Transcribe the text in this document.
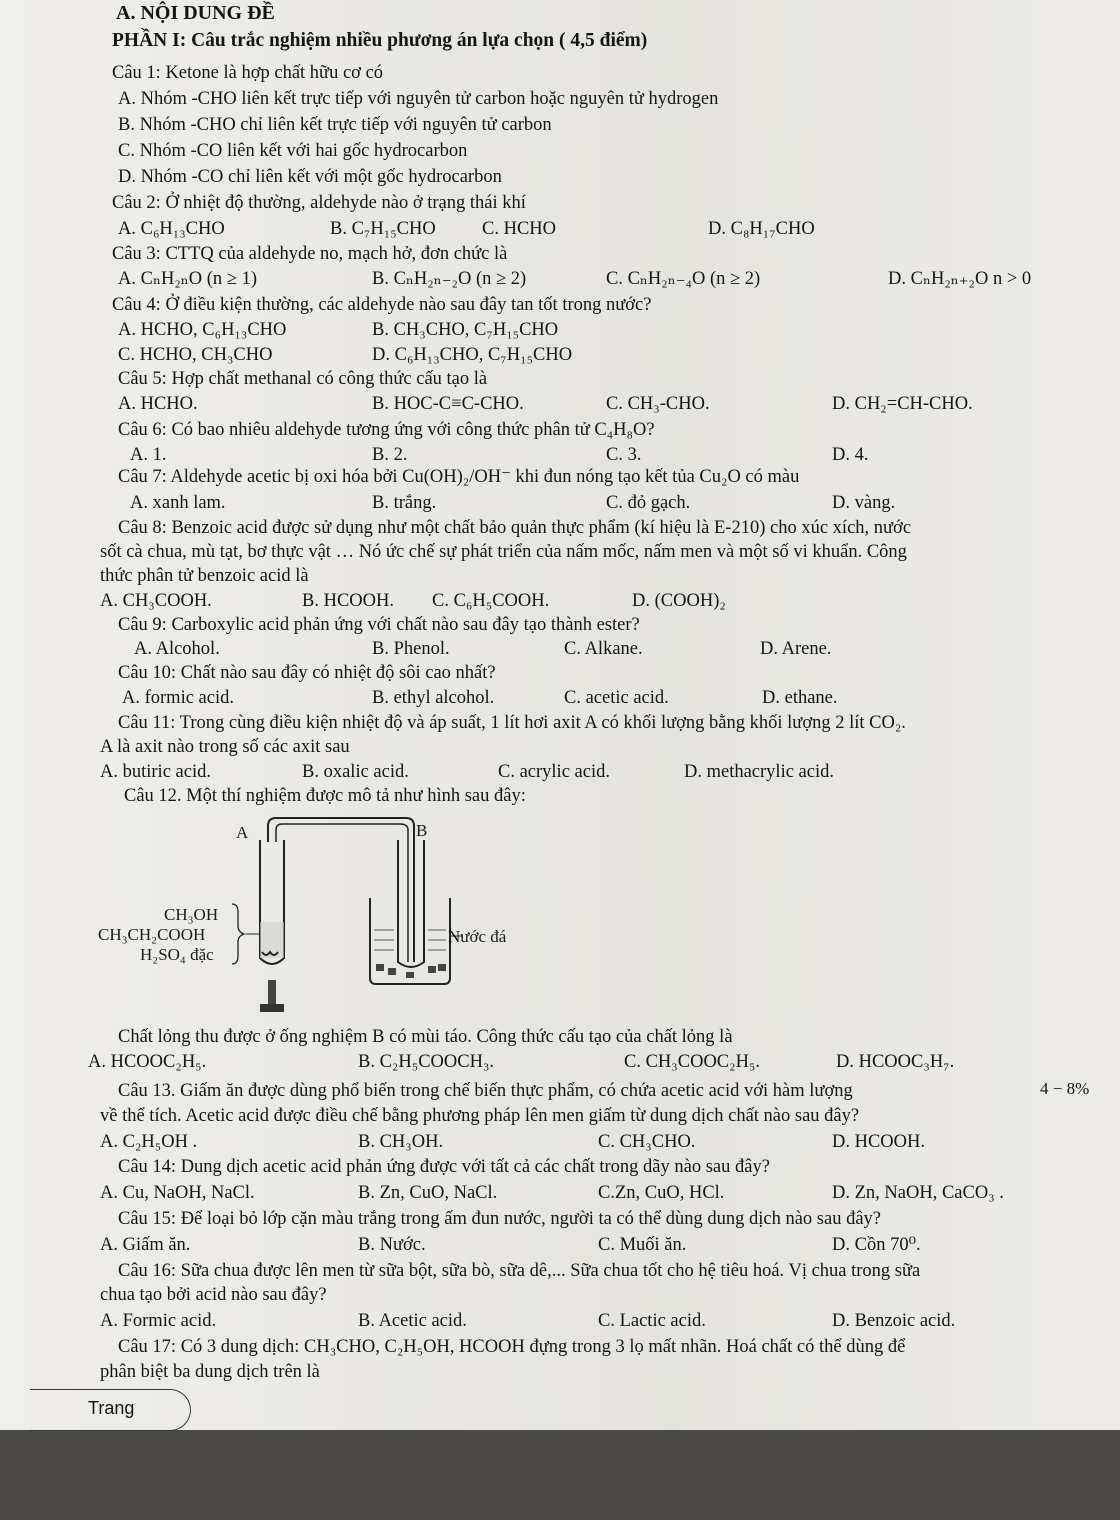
A. NỘI DUNG ĐỀ
PHẦN I: Câu trắc nghiệm nhiều phương án lựa chọn ( 4,5 điểm)
Câu 1: Ketone là hợp chất hữu cơ có
A. Nhóm -CHO liên kết trực tiếp với nguyên tử carbon hoặc nguyên tử hydrogen
B. Nhóm -CHO chỉ liên kết trực tiếp với nguyên tử carbon
C. Nhóm -CO liên kết với hai gốc hydrocarbon
D. Nhóm -CO chỉ liên kết với một gốc hydrocarbon
Câu 2: Ở nhiệt độ thường, aldehyde nào ở trạng thái khí
A. C₆H₁₃CHO	B. C₇H₁₅CHO	C. HCHO	D. C₈H₁₇CHO
Câu 3: CTTQ của aldehyde no, mạch hở, đơn chức là
A. CₙH₂ₙO (n ≥ 1)	B. CₙH₂ₙ₋₂O (n ≥ 2)	C. CₙH₂ₙ₋₄O (n ≥ 2)	D. CₙH₂ₙ₊₂O n > 0
Câu 4: Ở điều kiện thường, các aldehyde nào sau đây tan tốt trong nước?
A. HCHO, C₆H₁₃CHO	B. CH₃CHO, C₇H₁₅CHO
C. HCHO, CH₃CHO	D. C₆H₁₃CHO, C₇H₁₅CHO
Câu 5: Hợp chất methanal có công thức cấu tạo là
A. HCHO.	B. HOC-C≡C-CHO.	C. CH₃-CHO.	D. CH₂=CH-CHO.
Câu 6: Có bao nhiêu aldehyde tương ứng với công thức phân tử C₄H₈O?
A. 1.	B. 2.	C. 3.	D. 4.
Câu 7: Aldehyde acetic bị oxi hóa bởi Cu(OH)₂/OH⁻ khi đun nóng tạo kết tủa Cu₂O có màu
A. xanh lam.	B. trắng.	C. đỏ gạch.	D. vàng.
Câu 8: Benzoic acid được sử dụng như một chất bảo quản thực phẩm (kí hiệu là E-210) cho xúc xích, nước
sốt cà chua, mù tạt, bơ thực vật … Nó ức chế sự phát triển của nấm mốc, nấm men và một số vi khuẩn. Công
thức phân tử benzoic acid là
A. CH₃COOH.	B. HCOOH. C. C₆H₅COOH.	D. (COOH)₂
Câu 9: Carboxylic acid phản ứng với chất nào sau đây tạo thành ester?
A. Alcohol.	B. Phenol.	C. Alkane.	D. Arene.
Câu 10: Chất nào sau đây có nhiệt độ sôi cao nhất?
A. formic acid.	B. ethyl alcohol.	C. acetic acid.	D. ethane.
Câu 11: Trong cùng điều kiện nhiệt độ và áp suất, 1 lít hơi axit A có khối lượng bằng khối lượng 2 lít CO₂.
A là axit nào trong số các axit sau
A. butiric acid.	B. oxalic acid.	C. acrylic acid.	D. methacrylic acid.
Câu 12. Một thí nghiệm được mô tả như hình sau đây:
A	B
CH₃OH
CH₃CH₂COOH
H₂SO₄ đặc
Nước đá
Chất lỏng thu được ở ống nghiệm B có mùi táo. Công thức cấu tạo của chất lỏng là
A. HCOOC₂H₅.	B. C₂H₅COOCH₃.	C. CH₃COOC₂H₅.	D. HCOOC₃H₇.
Câu 13. Giấm ăn được dùng phổ biến trong chế biến thực phẩm, có chứa acetic acid với hàm lượng	4 − 8%
về thể tích. Acetic acid được điều chế bằng phương pháp lên men giấm từ dung dịch chất nào sau đây?
A. C₂H₅OH .	B. CH₃OH.	C. CH₃CHO.	D. HCOOH.
Câu 14: Dung dịch acetic acid phản ứng được với tất cả các chất trong dãy nào sau đây?
A. Cu, NaOH, NaCl.	B. Zn, CuO, NaCl.	C.Zn, CuO, HCl.	D. Zn, NaOH, CaCO₃ .
Câu 15: Để loại bỏ lớp cặn màu trắng trong ấm đun nước, người ta có thể dùng dung dịch nào sau đây?
A. Giấm ăn.	B. Nước.	C. Muối ăn.	D. Cồn 70⁰.
Câu 16: Sữa chua được lên men từ sữa bột, sữa bò, sữa dê,... Sữa chua tốt cho hệ tiêu hoá. Vị chua trong sữa
chua tạo bởi acid nào sau đây?
A. Formic acid.	B. Acetic acid.	C. Lactic acid.	D. Benzoic acid.
Câu 17: Có 3 dung dịch: CH₃CHO, C₂H₅OH, HCOOH đựng trong 3 lọ mất nhãn. Hoá chất có thể dùng để
phân biệt ba dung dịch trên là
Trang
